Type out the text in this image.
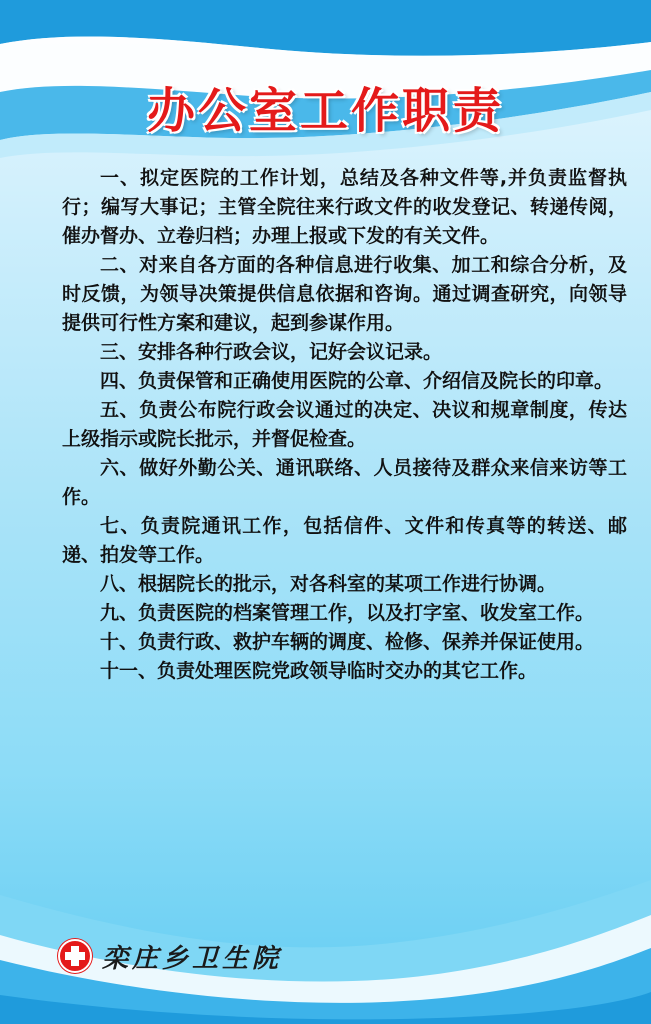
办公室工作职责

一、拟定医院的工作计划，总结及各种文件等,并负责监督执行；编写大事记；主管全院往来行政文件的收发登记、转递传阅，催办督办、立卷归档；办理上报或下发的有关文件。

二、对来自各方面的各种信息进行收集、加工和综合分析，及时反馈，为领导决策提供信息依据和咨询。通过调查研究，向领导提供可行性方案和建议，起到参谋作用。

三、安排各种行政会议，记好会议记录。

四、负责保管和正确使用医院的公章、介绍信及院长的印章。

五、负责公布院行政会议通过的决定、决议和规章制度，传达上级指示或院长批示，并督促检查。

六、做好外勤公关、通讯联络、人员接待及群众来信来访等工作。

七、负责院通讯工作，包括信件、文件和传真等的转送、邮递、拍发等工作。

八、根据院长的批示，对各科室的某项工作进行协调。

九、负责医院的档案管理工作，以及打字室、收发室工作。

十、负责行政、救护车辆的调度、检修、保养并保证使用。

十一、负责处理医院党政领导临时交办的其它工作。

栾庄乡卫生院
